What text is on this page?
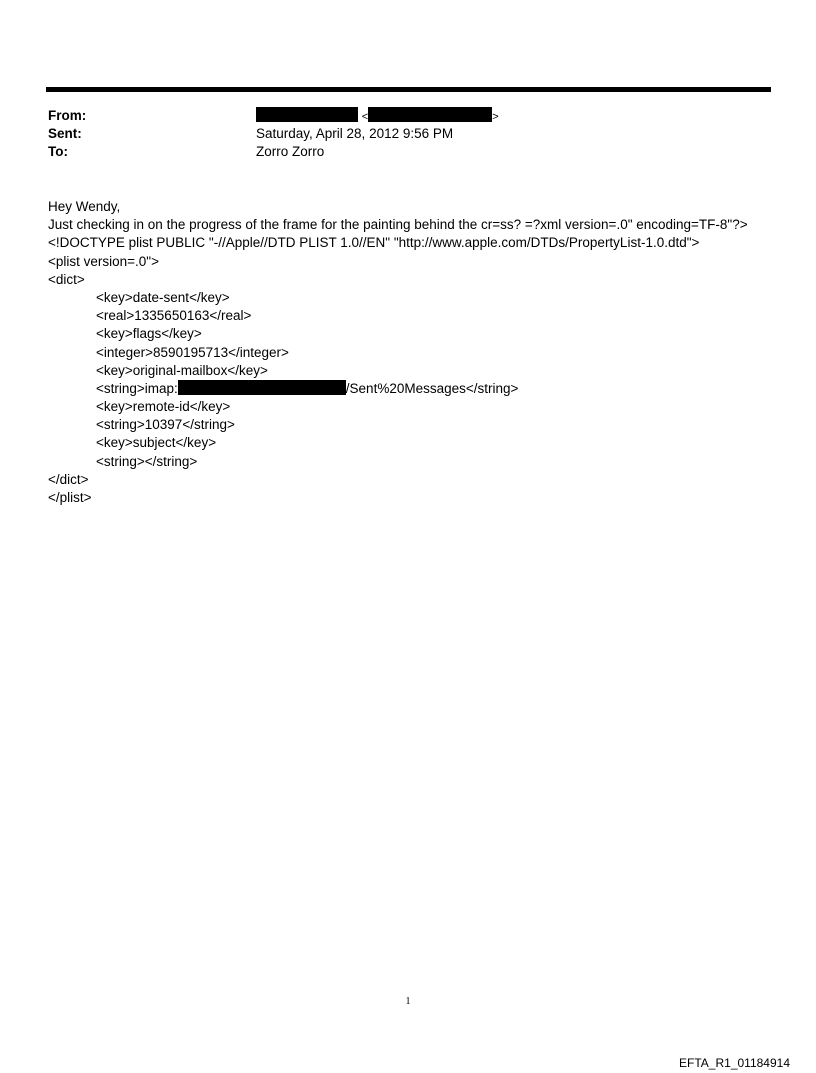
From:	<	>
Sent:	Saturday, April 28, 2012 9:56 PM
To:	Zorro Zorro
Hey Wendy,
Just checking in on the progress of the frame for the painting behind the cr=ss? =?xml version=.0" encoding=TF-8"?>
<!DOCTYPE plist PUBLIC "-//Apple//DTD PLIST 1.0//EN" "http://www.apple.com/DTDs/PropertyList-1.0.dtd">
<plist version=.0">
<dict>
<key>date-sent</key>
<real>1335650163</real>
<key>flags</key>
<integer>8590195713</integer>
<key>original-mailbox</key>
<string>imap:	/Sent%20Messages</string>
<key>remote-id</key>
<string>10397</string>
<key>subject</key>
<string></string>
</dict>
</plist>
1
EFTA_R1_01184914
